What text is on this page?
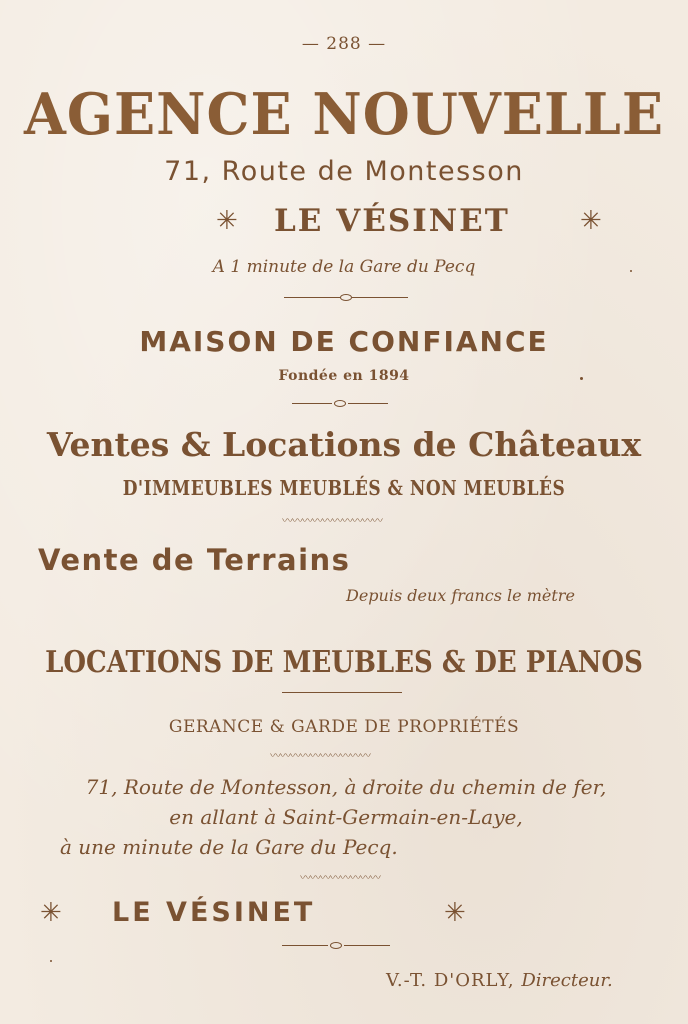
— 288 —
AGENCE NOUVELLE
71, Route de Montesson
✳ LE VÉSINET	✳
A 1 minute de la Gare du Pecq
MAISON DE CONFIANCE
Fondée en 1894
Ventes & Locations de Châteaux
D'IMMEUBLES MEUBLÉS & NON MEUBLÉS
〰〰〰〰〰〰〰〰〰〰
Vente de Terrains
Depuis deux francs le mètre
LOCATIONS DE MEUBLES & DE PIANOS
GERANCE & GARDE DE PROPRIÉTÉS
〰〰〰〰〰〰〰〰〰〰
71, Route de Montesson, à droite du chemin de fer,
en allant à Saint-Germain-en-Laye,
à une minute de la Gare du Pecq.
〰〰〰〰〰〰〰〰
✳ LE VÉSINET	✳
V.-T. D'ORLY, Directeur.
